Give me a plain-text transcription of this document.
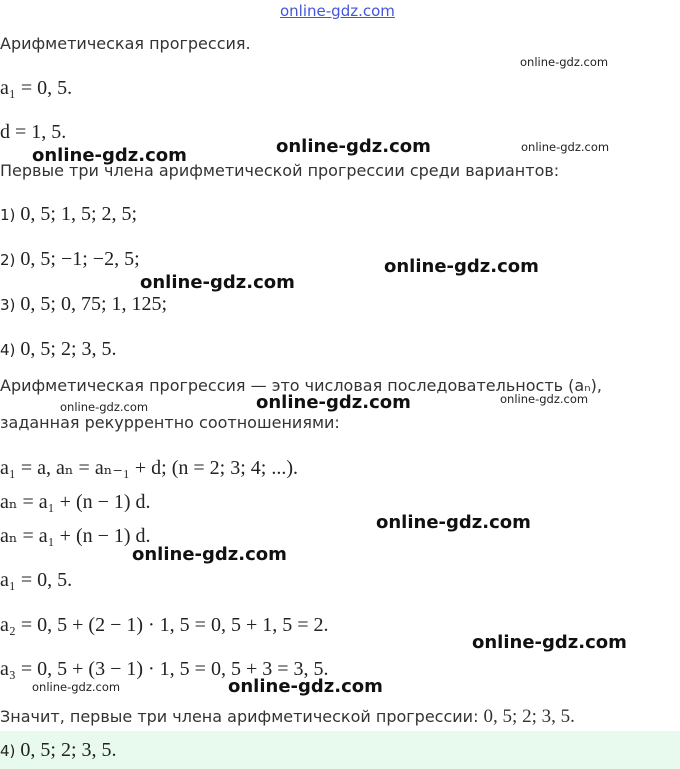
online-gdz.com
online-gdz.com
online-gdz.com	online-gdz.com
online-gdz.com
online-gdz.com
online-gdz.com
online-gdz.com
online-gdz.com
online-gdz.com
online-gdz.com
online-gdz.com
online-gdz.com
online-gdz.com	online-gdz.com
Арифметическая прогрессия.
a₁ = 0, 5.
d = 1, 5.
Первые три члена арифметической прогрессии среди вариантов:
1) 0, 5; 1, 5; 2, 5;
2) 0, 5; −1; −2, 5;
3) 0, 5; 0, 75; 1, 125;
4) 0, 5; 2; 3, 5.
Арифметическая прогрессия — это числовая последовательность (aₙ),
заданная рекуррентно соотношениями:
a₁ = a, aₙ = aₙ₋₁ + d; (n = 2; 3; 4; ...).
aₙ = a₁ + (n − 1) d.
aₙ = a₁ + (n − 1) d.
a₁ = 0, 5.
a₂ = 0, 5 + (2 − 1) · 1, 5 = 0, 5 + 1, 5 = 2.
a₃ = 0, 5 + (3 − 1) · 1, 5 = 0, 5 + 3 = 3, 5.
Значит, первые три члена арифметической прогрессии: 0, 5; 2; 3, 5.
4) 0, 5; 2; 3, 5.
